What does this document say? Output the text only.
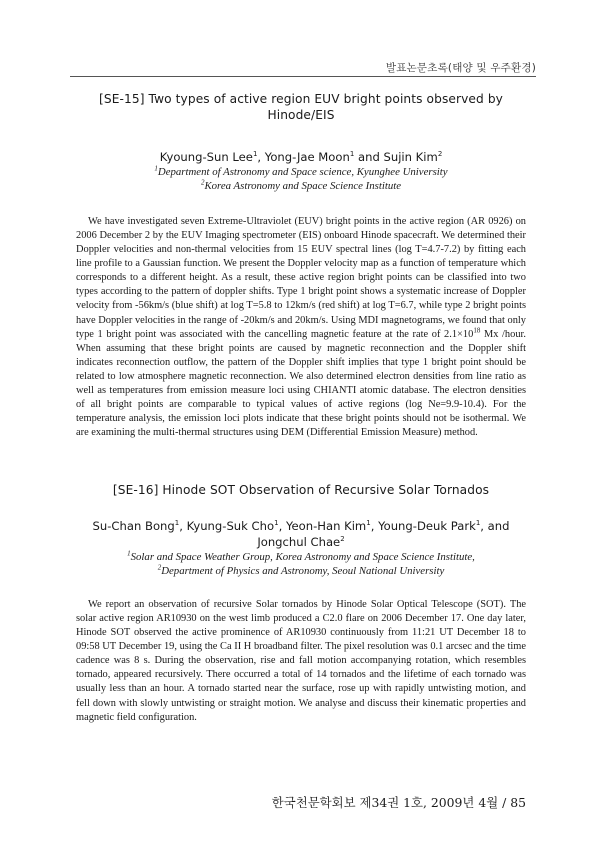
발표논문초록(태양 및 우주환경)

[SE-15] Two types of active region EUV bright points observed by
Hinode/EIS

Kyoung-Sun Lee$^1$, Yong-Jae Moon$^1$ and Sujin Kim$^2$

$^1$Department of Astronomy and Space science, Kyunghee University

$^2$Korea Astronomy and Space Science Institute

We have investigated seven Extreme-Ultraviolet (EUV) bright points in the active region (AR 0926) on 2006 December 2 by the EUV Imaging spectrometer (EIS) onboard Hinode spacecraft. We determined their Doppler velocities and non-thermal velocities from 15 EUV spectral lines (log T=4.7-7.2) by fitting each line profile to a Gaussian function. We present the Doppler velocity map as a function of temperature which corresponds to a different height. As a result, these active region bright points can be classified into two types according to the pattern of doppler shifts. Type 1 bright point shows a systematic increase of Doppler velocity from -56km/s (blue shift) at log T=5.8 to 12km/s (red shift) at log T=6.7, while type 2 bright points have Doppler velocities in the range of -20km/s and 20km/s. Using MDI magnetograms, we found that only type 1 bright point was associated with the cancelling magnetic feature at the rate of $2.1\times 10^{18}$ Mx /hour. When assuming that these bright points are caused by magnetic reconnection and the Doppler shift indicates reconnection outflow, the pattern of the Doppler shift implies that type 1 bright point should be related to low atmosphere magnetic reconnection. We also determined electron densities from line ratio as well as temperatures from emission measure loci using CHIANTI atomic database. The electron densities of all bright points are comparable to typical values of active regions (log Ne=9.9-10.4). For the temperature analysis, the emission loci plots indicate that these bright points should not be isothermal. We are examining the multi-thermal structures using DEM (Differential Emission Measure) method.

[SE-16] Hinode SOT Observation of Recursive Solar Tornados

Su-Chan Bong$^1$, Kyung-Suk Cho$^1$, Yeon-Han Kim$^1$, Young-Deuk Park$^1$, and
Jongchul Chae$^2$

$^1$Solar and Space Weather Group, Korea Astronomy and Space Science Institute,

$^2$Department of Physics and Astronomy, Seoul National University

We report an observation of recursive Solar tornados by Hinode Solar Optical Telescope (SOT). The solar active region AR10930 on the west limb produced a C2.0 flare on 2006 December 17. One day later, Hinode SOT observed the active prominence of AR10930 continuously from 11:21 UT December 18 to 09:58 UT December 19, using the Ca II H broadband filter. The pixel resolution was 0.1 arcsec and the time cadence was 8 s. During the observation, rise and fall motion accompanying rotation, which resembles tornado, appeared recursively. There occurred a total of 14 tornados and the lifetime of each tornado was usually less than an hour. A tornado started near the surface, rose up with rapidly untwisting motion, and fell down with slowly untwisting or straight motion. We analyse and discuss their kinematic properties and magnetic field configuration.

한국천문학회보 제34권 1호, 2009년 4월 / 85
